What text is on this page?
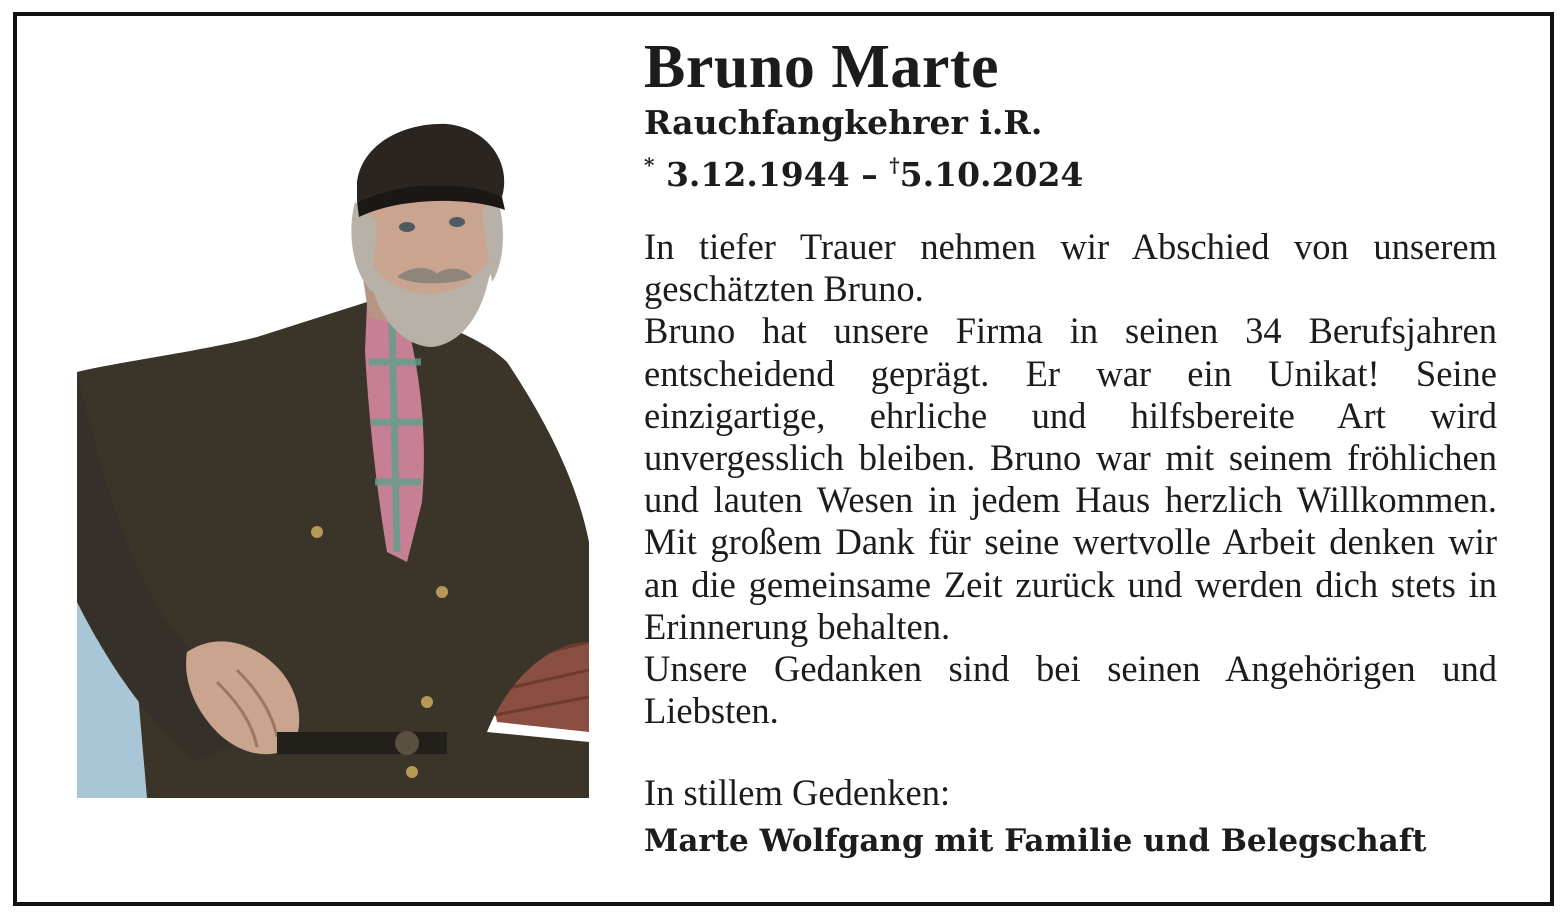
Bruno Marte
Rauchfangkehrer i.R.
* 3.12.1944 – †5.10.2024

In tiefer Trauer nehmen wir Abschied von unserem geschätzten Bruno.

Bruno hat unsere Firma in seinen 34 Berufsjahren entscheidend geprägt. Er war ein Unikat! Seine einzigartige, ehrliche und hilfsbereite Art wird unvergesslich bleiben. Bruno war mit seinem fröhlichen und lauten Wesen in jedem Haus herzlich Willkommen. Mit großem Dank für seine wertvolle Arbeit denken wir an die gemeinsame Zeit zurück und werden dich stets in Erinnerung behalten.

Unsere Gedanken sind bei seinen Angehörigen und Liebsten.

In stillem Gedenken:
Marte Wolfgang mit Familie und Belegschaft
